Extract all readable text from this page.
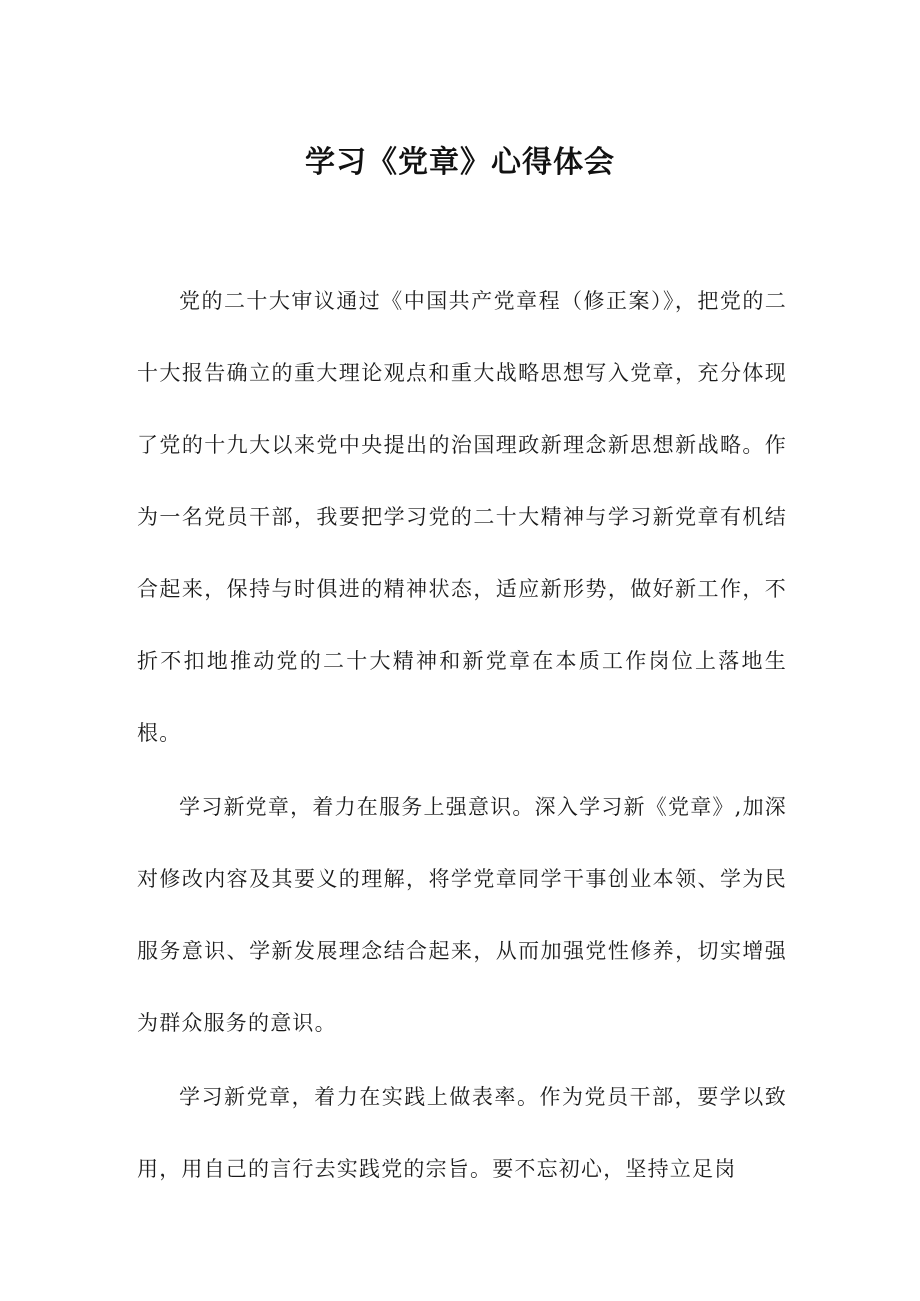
学习《党章》心得体会

党的二十大审议通过《中国共产党章程（修正案）》，把党的二十大报告确立的重大理论观点和重大战略思想写入党章，充分体现了党的十九大以来党中央提出的治国理政新理念新思想新战略。作为一名党员干部，我要把学习党的二十大精神与学习新党章有机结合起来，保持与时俱进的精神状态，适应新形势，做好新工作，不折不扣地推动党的二十大精神和新党章在本质工作岗位上落地生根。

学习新党章，着力在服务上强意识。深入学习新《党章》,加深对修改内容及其要义的理解，将学党章同学干事创业本领、学为民服务意识、学新发展理念结合起来，从而加强党性修养，切实增强为群众服务的意识。

学习新党章，着力在实践上做表率。作为党员干部，要学以致用，用自己的言行去实践党的宗旨。要不忘初心，坚持立足岗
